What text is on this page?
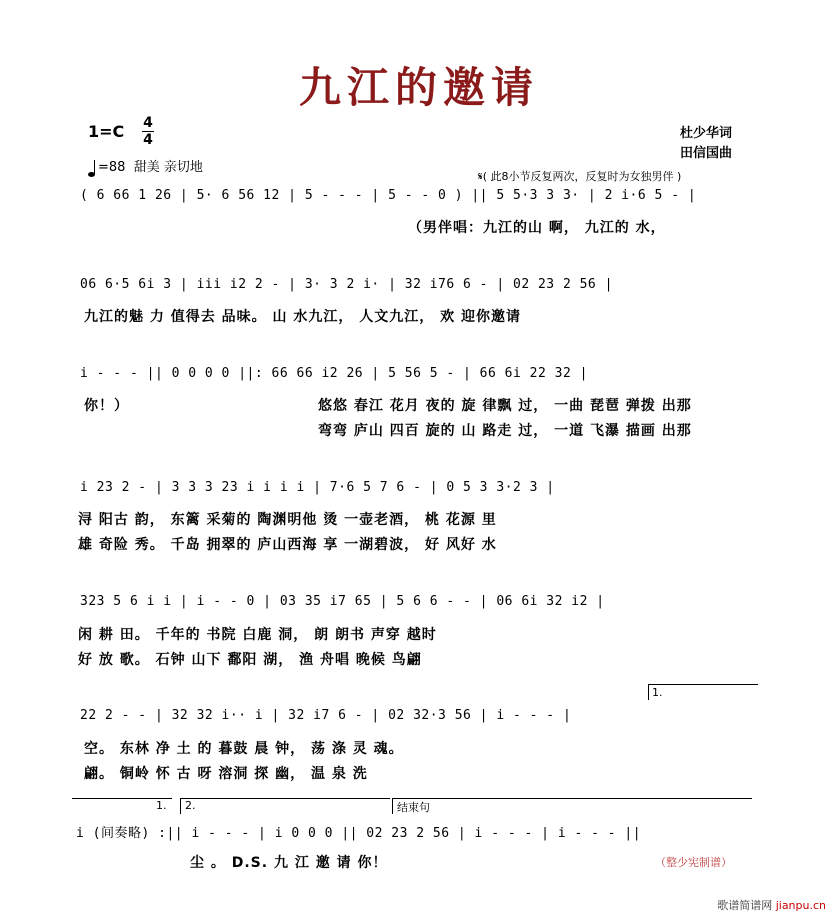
九江的邀请
1=C 4
4	杜少华词
田信国曲
=88 甜美 亲切地
𝄋( 此8小节反复两次，反复时为女独男伴 )
( 6 66 1 26 | 5· 6 56 12 | 5 - - - | 5 - - 0 ) || 5 5·3 3 3· | 2 i·6 5 - |
（男伴唱：九江的山 啊， 九江的 水，
06 6·5 6i 3 | iii i2 2 - | 3· 3 2 i· | 32 i76 6 - | 02 23 2 56 |
九江的魅 力 值得去 品味。 山 水九江， 人文九江， 欢 迎你邀请
i - - - || 0 0 0 0 ||: 66 66 i2 26 | 5 56 5 - | 66 6i 22 32 |
你！）	悠悠 春江 花月 夜的 旋 律飘 过， 一曲 琵琶 弹拨 出那
弯弯 庐山 四百 旋的 山 路走 过， 一道 飞瀑 描画 出那
i 23 2 - | 3 3 3 23 i i i i | 7·6 5 7 6 - | 0 5 3 3·2 3 |
浔 阳古 韵， 东篱 采菊的 陶渊明他 烫 一壶老酒， 桃 花源 里
雄 奇险 秀。 千岛 拥翠的 庐山西海 享 一湖碧波， 好 风好 水
323 5 6 i i | i - - 0 | 03 35 i7 65 | 5 6 6 - - | 06 6i 32 i2 |
闲 耕 田。 千年的 书院 白鹿 洞， 朗 朗书 声穿 越时
好 放 歌。 石钟 山下 鄱阳 湖， 渔 舟唱 晚候 鸟翩
1.
22 2 - - | 32 32 i·· i | 32 i7 6 - | 02 32·3 56 | i - - - |
空。 东林 净 土 的 暮鼓 晨 钟， 荡 涤 灵 魂。
翩。 铜岭 怀 古 呀 溶洞 探 幽， 温 泉 洗
1. 2.	结束句
i (间奏略) :|| i - - - | i 0 0 0 || 02 23 2 56 | i - - - | i - - - ||
尘 。 D.S. 九 江 邀 请 你！	（整少宪制谱）
歌谱简谱网 jianpu.cn
